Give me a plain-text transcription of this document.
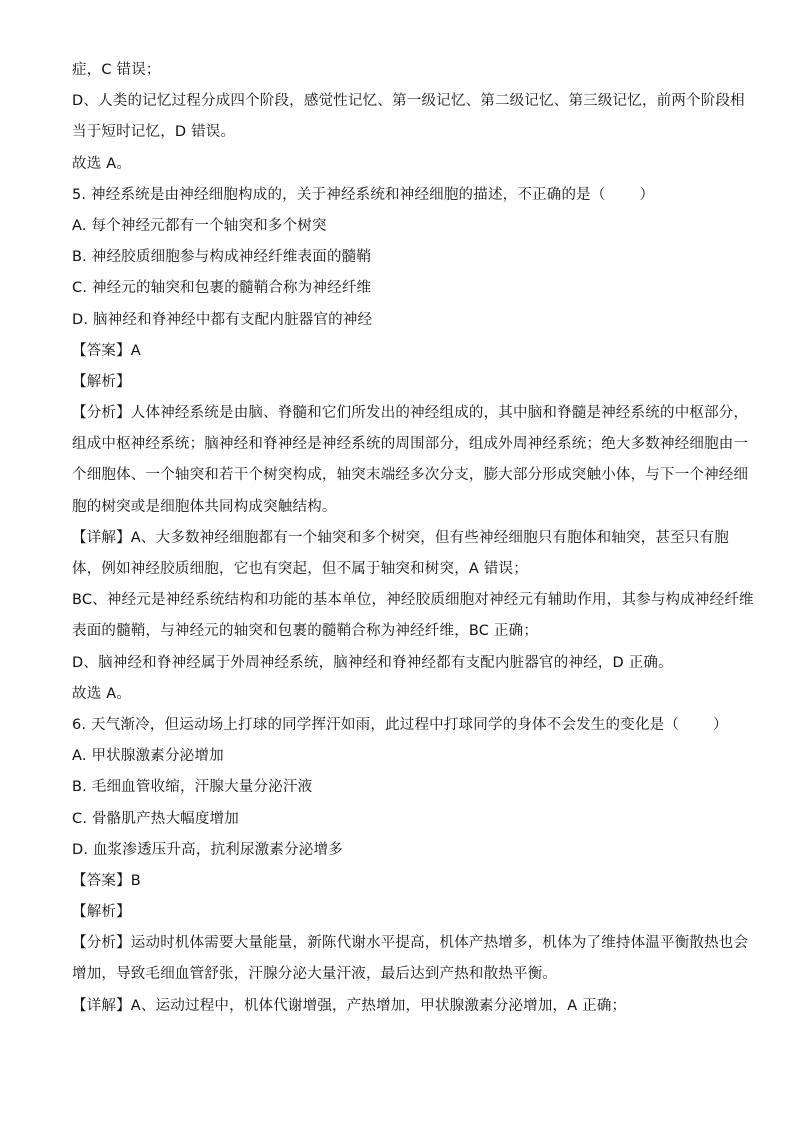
症，C 错误；
D、人类的记忆过程分成四个阶段，感觉性记忆、第一级记忆、第二级记忆、第三级记忆，前两个阶段相
当于短时记忆，D 错误。
故选 A。
5. 神经系统是由神经细胞构成的，关于神经系统和神经细胞的描述，不正确的是（ ）
A. 每个神经元都有一个轴突和多个树突
B. 神经胶质细胞参与构成神经纤维表面的髓鞘
C. 神经元的轴突和包裹的髓鞘合称为神经纤维
D. 脑神经和脊神经中都有支配内脏器官的神经
【答案】A
【解析】
【分析】人体神经系统是由脑、脊髓和它们所发出的神经组成的，其中脑和脊髓是神经系统的中枢部分，
组成中枢神经系统；脑神经和脊神经是神经系统的周围部分，组成外周神经系统；绝大多数神经细胞由一
个细胞体、一个轴突和若干个树突构成，轴突末端经多次分支，膨大部分形成突触小体，与下一个神经细
胞的树突或是细胞体共同构成突触结构。
【详解】A、大多数神经细胞都有一个轴突和多个树突，但有些神经细胞只有胞体和轴突，甚至只有胞
体，例如神经胶质细胞，它也有突起，但不属于轴突和树突，A 错误；
BC、神经元是神经系统结构和功能的基本单位，神经胶质细胞对神经元有辅助作用，其参与构成神经纤维
表面的髓鞘，与神经元的轴突和包裹的髓鞘合称为神经纤维，BC 正确；
D、脑神经和脊神经属于外周神经系统，脑神经和脊神经都有支配内脏器官的神经，D 正确。
故选 A。
6. 天气渐冷，但运动场上打球的同学挥汗如雨，此过程中打球同学的身体不会发生的变化是（ ）
A. 甲状腺激素分泌增加
B. 毛细血管收缩，汗腺大量分泌汗液
C. 骨骼肌产热大幅度增加
D. 血浆渗透压升高，抗利尿激素分泌增多
【答案】B
【解析】
【分析】运动时机体需要大量能量，新陈代谢水平提高，机体产热增多，机体为了维持体温平衡散热也会
增加，导致毛细血管舒张，汗腺分泌大量汗液，最后达到产热和散热平衡。
【详解】A、运动过程中，机体代谢增强，产热增加，甲状腺激素分泌增加，A 正确；
